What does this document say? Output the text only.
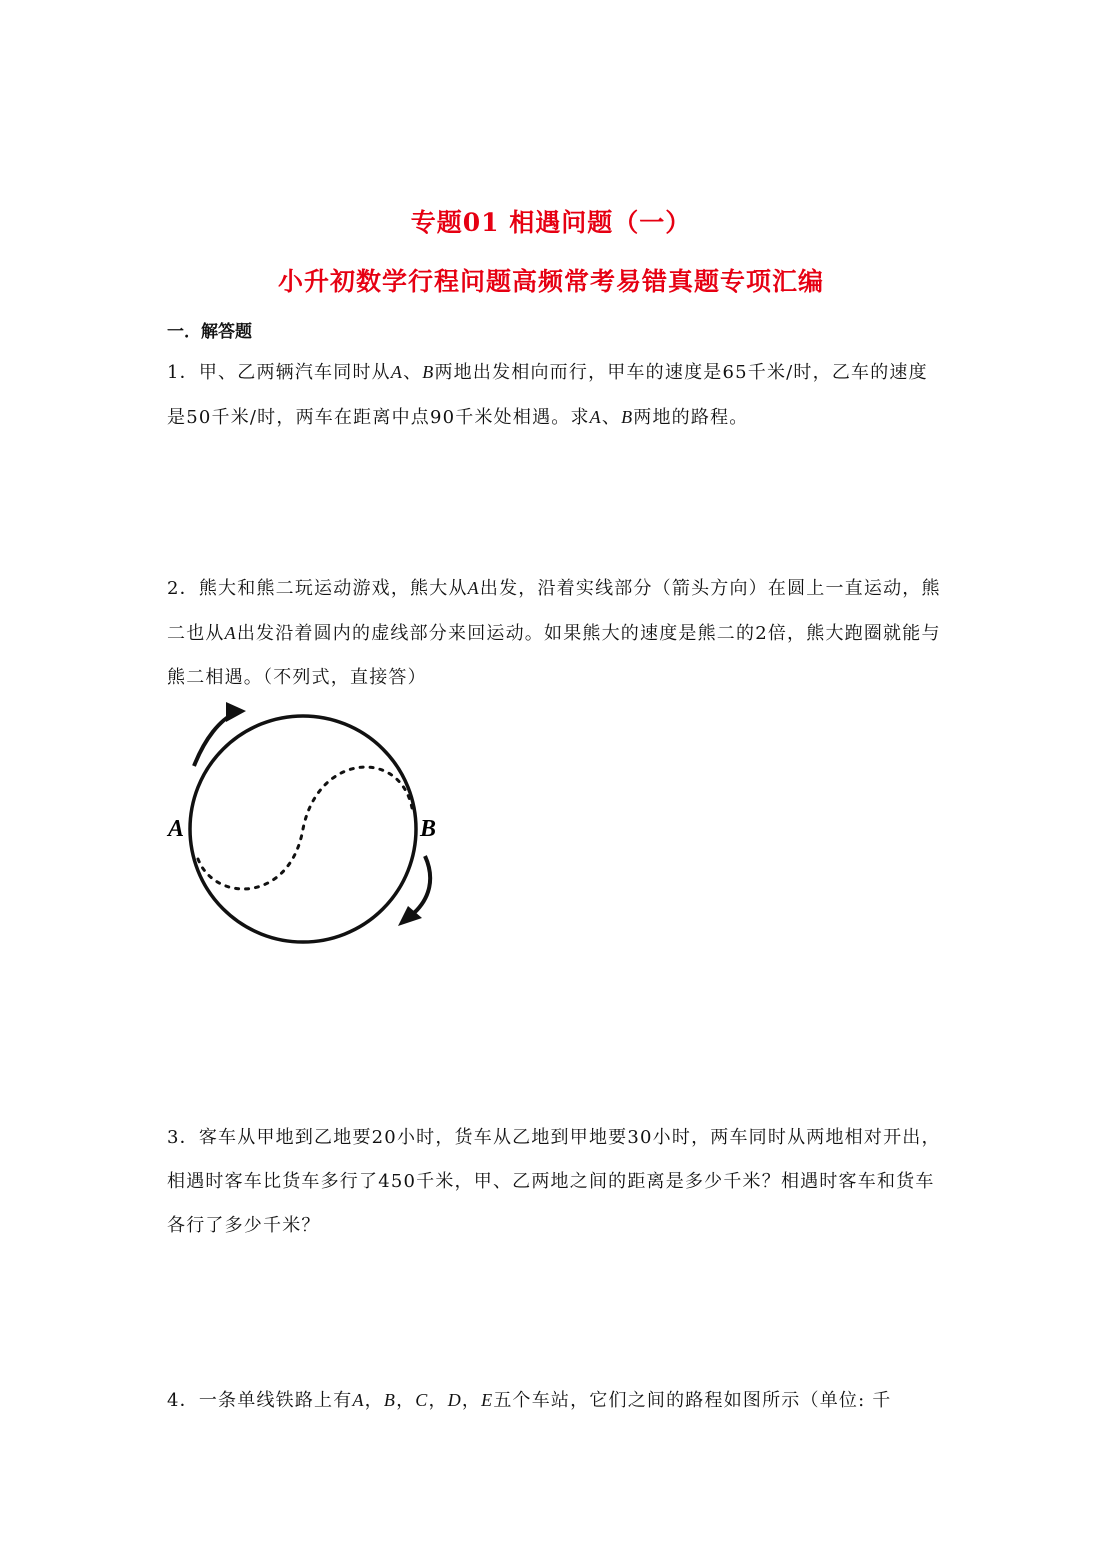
专题01 相遇问题（一）
小升初数学行程问题高频常考易错真题专项汇编
一．解答题
1．甲、乙两辆汽车同时从A、B两地出发相向而行，甲车的速度是65千米/时，乙车的速度是50千米/时，两车在距离中点90千米处相遇。求A、B两地的路程。
2．熊大和熊二玩运动游戏，熊大从A出发，沿着实线部分（箭头方向）在圆上一直运动，熊二也从A出发沿着圆内的虚线部分来回运动。如果熊大的速度是熊二的2倍，熊大跑圈就能与熊二相遇。（不列式，直接答）
A	B
3．客车从甲地到乙地要20小时，货车从乙地到甲地要30小时，两车同时从两地相对开出，相遇时客车比货车多行了450千米，甲、乙两地之间的距离是多少千米？相遇时客车和货车各行了多少千米？
4．一条单线铁路上有A，B，C，D，E五个车站，它们之间的路程如图所示（单位: 千
